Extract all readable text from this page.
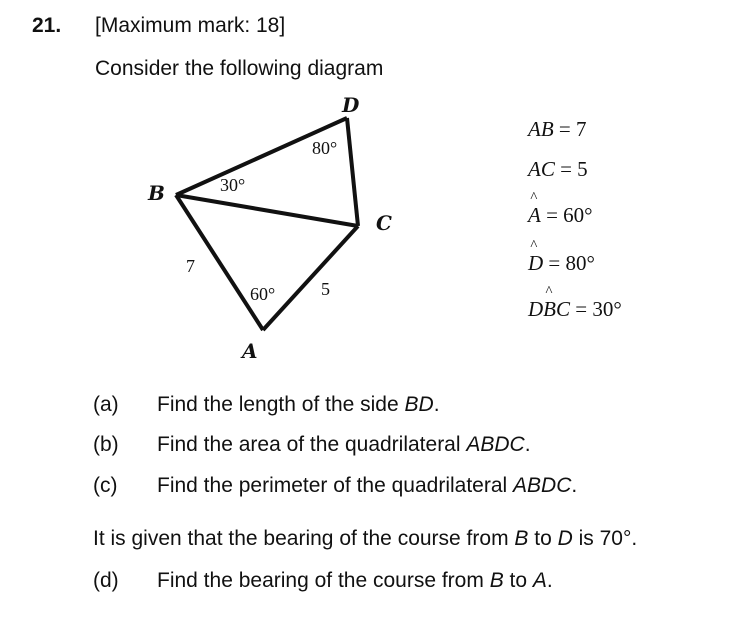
21. [Maximum mark: 18]
Consider the following diagram
D
B
C
A
80°
30°
60°
7
5
AB = 7
AC = 5
^ A = 60°
^ D = 80°
D^ BC = 30°
(a) Find the length of the side BD.
(b) Find the area of the quadrilateral ABDC.
(c) Find the perimeter of the quadrilateral ABDC.
It is given that the bearing of the course from B to D is 70°.
(d) Find the bearing of the course from B to A.
